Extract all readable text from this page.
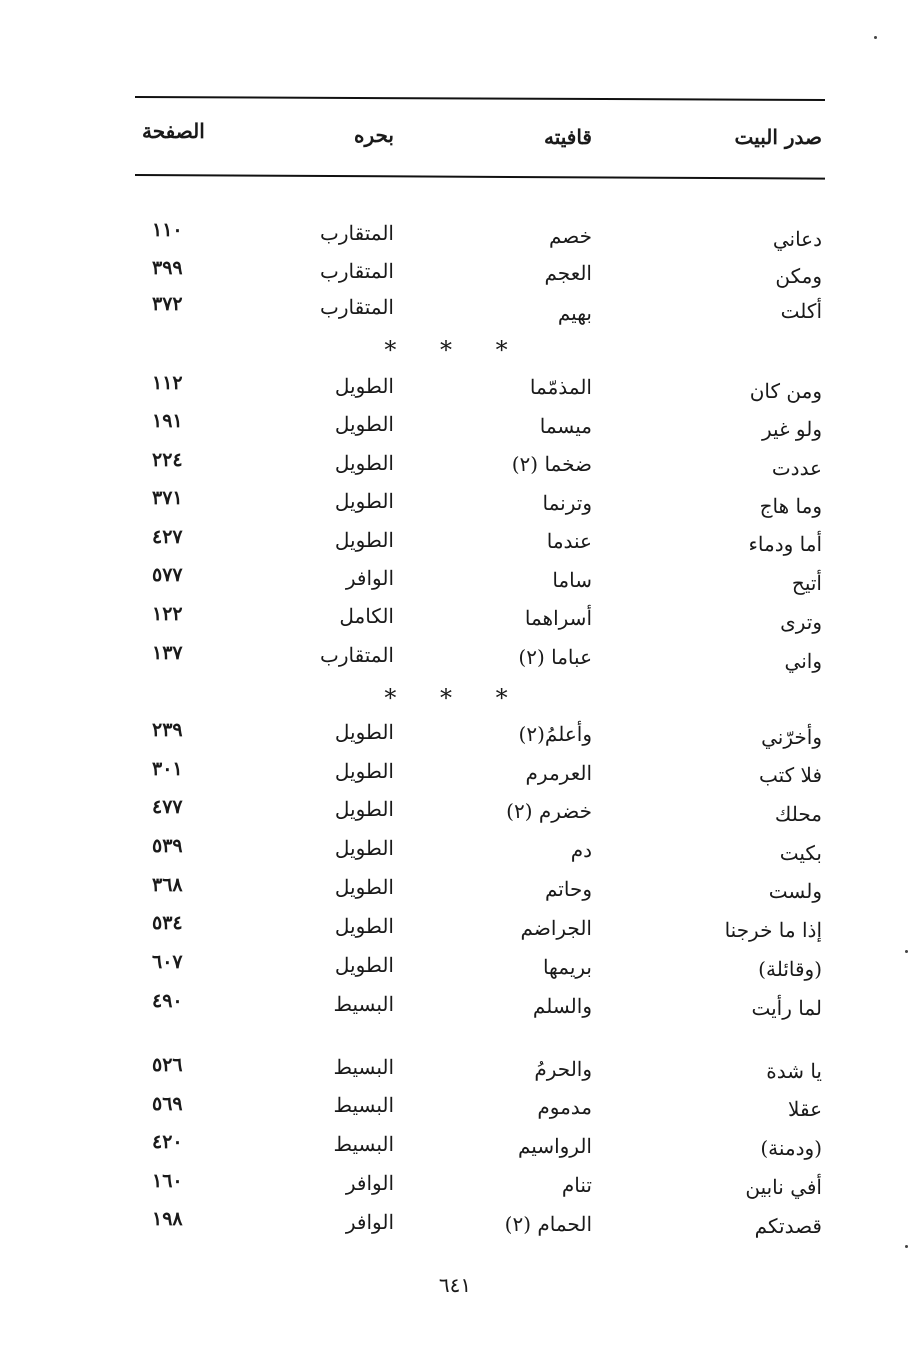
صدر البيت
قافيته
بحره
الصفحة
دعاني
خصم
المتقارب
١١٠
ومكن
العجم
المتقارب
٣٩٩
أكلت
بهيم
المتقارب
٣٧٢
* * *
ومن كان
المذمّما
الطويل
١١٢
ولو غير
ميسما
الطويل
١٩١
عددت
ضخما (٢)
الطويل
٢٢٤
وما هاج
وترنما
الطويل
٣٧١
أما ودماء
عندما
الطويل
٤٢٧
أتيح
ساما
الوافر
٥٧٧
وترى
أسراهما
الكامل
١٢٢
واني
عباما (٢)
المتقارب
١٣٧
* * *
وأخرّني
وأعلمُ(٢)
الطويل
٢٣٩
فلا كتب
العرمرم
الطويل
٣٠١
محلك
خضرم (٢)
الطويل
٤٧٧
بكيت
دم
الطويل
٥٣٩
ولست
وحاتم
الطويل
٣٦٨
إذا ما خرجنا
الجراضم
الطويل
٥٣٤
(وقائلة)
بريمها
الطويل
٦٠٧
لما رأيت
والسلم
البسيط
٤٩٠
يا شدة
والحرمُ
البسيط
٥٢٦
عقلا
مدموم
البسيط
٥٦٩
(ودمنة)
الرواسيم
البسيط
٤٢٠
أفي نابين
تنام
الوافر
١٦٠
قصدتكم
الحمام (٢)
الوافر
١٩٨
٦٤١
